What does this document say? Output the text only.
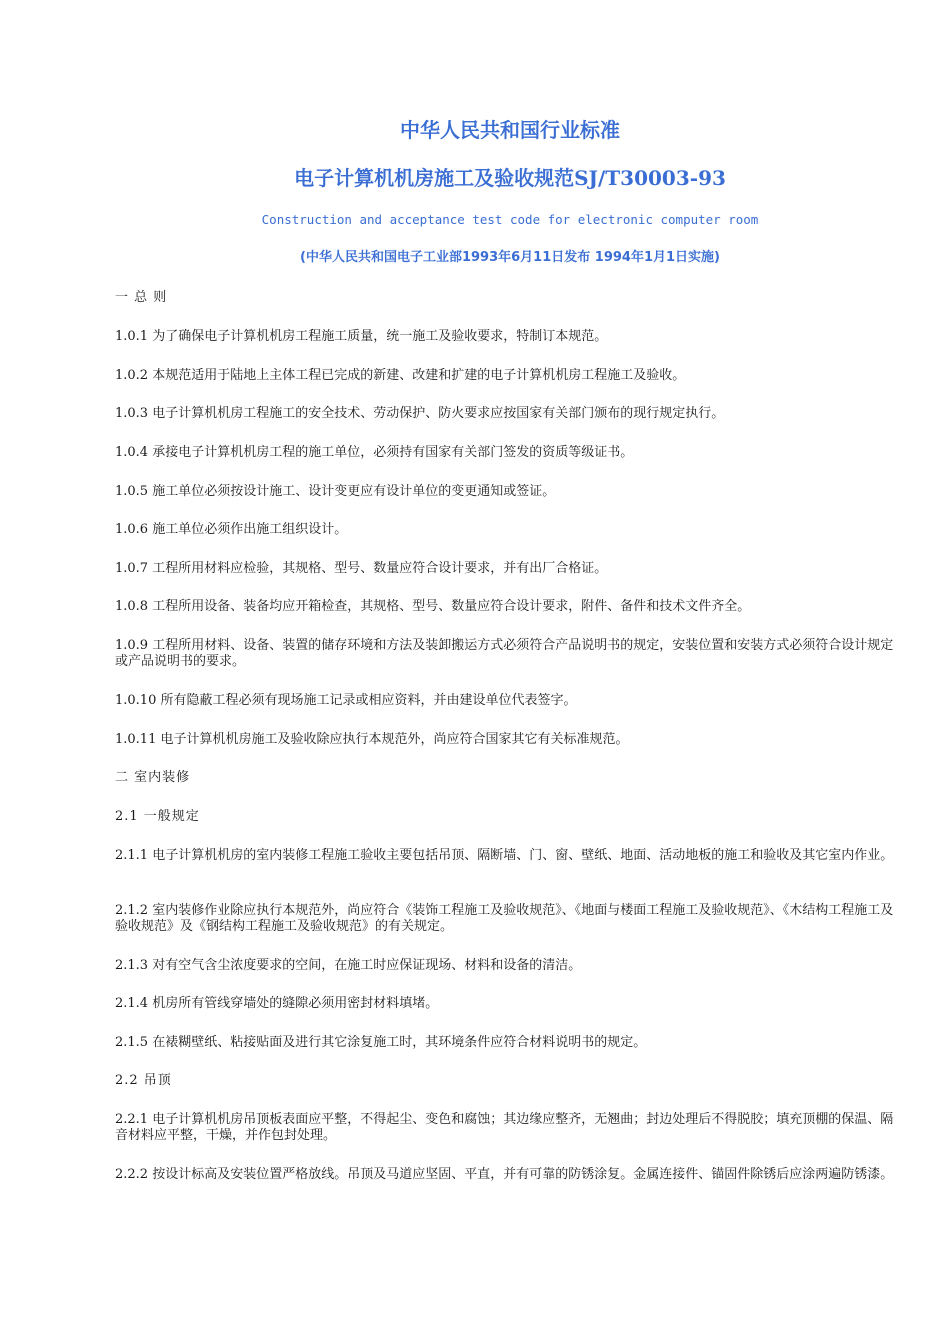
中华人民共和国行业标准
电子计算机机房施工及验收规范SJ/T30003-93
Construction and acceptance test code for electronic computer room
(中华人民共和国电子工业部1993年6月11日发布 1994年1月1日实施)
一 总 则
1.0.1 为了确保电子计算机机房工程施工质量，统一施工及验收要求，特制订本规范。
1.0.2 本规范适用于陆地上主体工程已完成的新建、改建和扩建的电子计算机机房工程施工及验收。
1.0.3 电子计算机机房工程施工的安全技术、劳动保护、防火要求应按国家有关部门颁布的现行规定执行。
1.0.4 承接电子计算机机房工程的施工单位，必须持有国家有关部门签发的资质等级证书。
1.0.5 施工单位必须按设计施工、设计变更应有设计单位的变更通知或签证。
1.0.6 施工单位必须作出施工组织设计。
1.0.7 工程所用材料应检验，其规格、型号、数量应符合设计要求，并有出厂合格证。
1.0.8 工程所用设备、装备均应开箱检查，其规格、型号、数量应符合设计要求，附件、备件和技术文件齐全。
1.0.9 工程所用材料、设备、装置的储存环境和方法及装卸搬运方式必须符合产品说明书的规定，安装位置和安装方式必须符合设计规定或产品说明书的要求。
1.0.10 所有隐蔽工程必须有现场施工记录或相应资料，并由建设单位代表签字。
1.0.11 电子计算机机房施工及验收除应执行本规范外，尚应符合国家其它有关标准规范。
二 室内装修
2.1 一般规定
2.1.1 电子计算机机房的室内装修工程施工验收主要包括吊顶、隔断墙、门、窗、壁纸、地面、活动地板的施工和验收及其它室内作业。
2.1.2 室内装修作业除应执行本规范外，尚应符合《装饰工程施工及验收规范》、《地面与楼面工程施工及验收规范》、《木结构工程施工及验收规范》及《钢结构工程施工及验收规范》的有关规定。
2.1.3 对有空气含尘浓度要求的空间，在施工时应保证现场、材料和设备的清洁。
2.1.4 机房所有管线穿墙处的缝隙必须用密封材料填堵。
2.1.5 在裱糊壁纸、粘接贴面及进行其它涂复施工时，其环境条件应符合材料说明书的规定。
2.2 吊顶
2.2.1 电子计算机机房吊顶板表面应平整，不得起尘、变色和腐蚀；其边缘应整齐，无翘曲；封边处理后不得脱胶；填充顶棚的保温、隔音材料应平整，干燥，并作包封处理。
2.2.2 按设计标高及安装位置严格放线。吊顶及马道应坚固、平直，并有可靠的防锈涂复。金属连接件、锚固件除锈后应涂两遍防锈漆。
